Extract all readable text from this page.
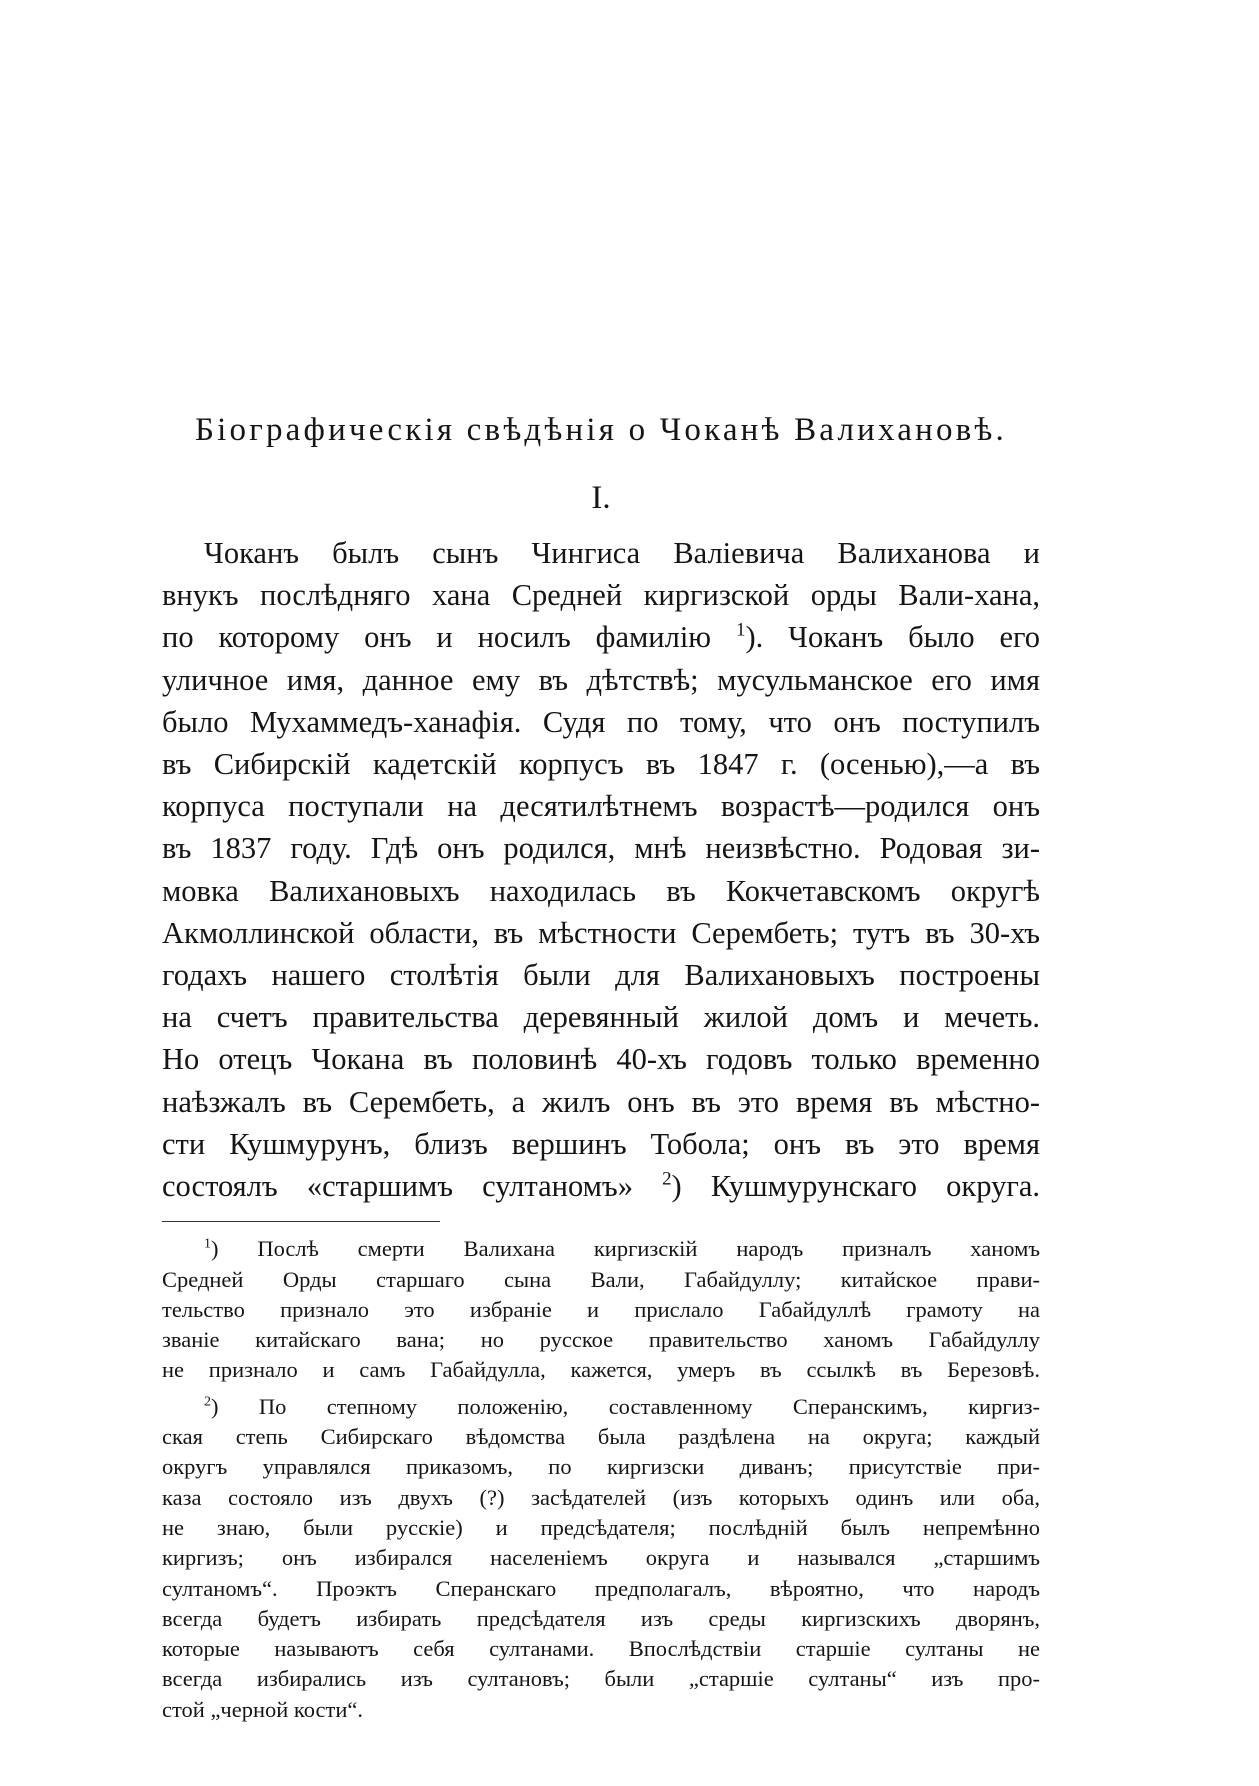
Біографическія свѣдѣнія о Чоканѣ Валихановѣ.
I.
Чоканъ былъ сынъ Чингиса Валіевича Валиханова и
внукъ послѣдняго хана Средней киргизской орды Вали-хана,
по которому онъ и носилъ фамилію $^1$). Чоканъ было его
уличное имя, данное ему въ дѣтствѣ; мусульманское его имя
было Мухаммедъ-ханафія. Судя по тому, что онъ поступилъ
въ Сибирскій кадетскій корпусъ въ 1847 г. (осенью),—а въ
корпуса поступали на десятилѣтнемъ возрастѣ—родился онъ
въ 1837 году. Гдѣ онъ родился, мнѣ неизвѣстно. Родовая зи-
мовка Валихановыхъ находилась въ Кокчетавскомъ округѣ
Акмоллинской области, въ мѣстности Серембеть; тутъ въ 30-хъ
годахъ нашего столѣтія были для Валихановыхъ построены
на счетъ правительства деревянный жилой домъ и мечеть.
Но отецъ Чокана въ половинѣ 40-хъ годовъ только временно
наѣзжалъ въ Серембеть, а жилъ онъ въ это время въ мѣстно-
сти Кушмурунъ, близъ вершинъ Тобола; онъ въ это время
состоялъ «старшимъ султаномъ» $^2$) Кушмурунскаго округа.
$^1$) Послѣ смерти Валихана киргизскій народъ призналъ ханомъ
Средней Орды старшаго сына Вали, Габайдуллу; китайское прави-
тельство признало это избраніе и прислало Габайдуллѣ грамоту на
званіе китайскаго вана; но русское правительство ханомъ Габайдуллу
не признало и самъ Габайдулла, кажется, умеръ въ ссылкѣ въ Березовѣ.
$^2$) По степному положенію, составленному Сперанскимъ, киргиз-
ская степь Сибирскаго вѣдомства была раздѣлена на округа; каждый
округъ управлялся приказомъ, по киргизски диванъ; присутствіе при-
каза состояло изъ двухъ (?) засѣдателей (изъ которыхъ одинъ или оба,
не знаю, были русскіе) и предсѣдателя; послѣдній былъ непремѣнно
киргизъ; онъ избирался населеніемъ округа и назывался „старшимъ
султаномъ“. Проэктъ Сперанскаго предполагалъ, вѣроятно, что народъ
всегда будетъ избирать предсѣдателя изъ среды киргизскихъ дворянъ,
которые называютъ себя султанами. Впослѣдствіи старшіе султаны не
всегда избирались изъ султановъ; были „старшіе султаны“ изъ про-
стой „черной кости“.
